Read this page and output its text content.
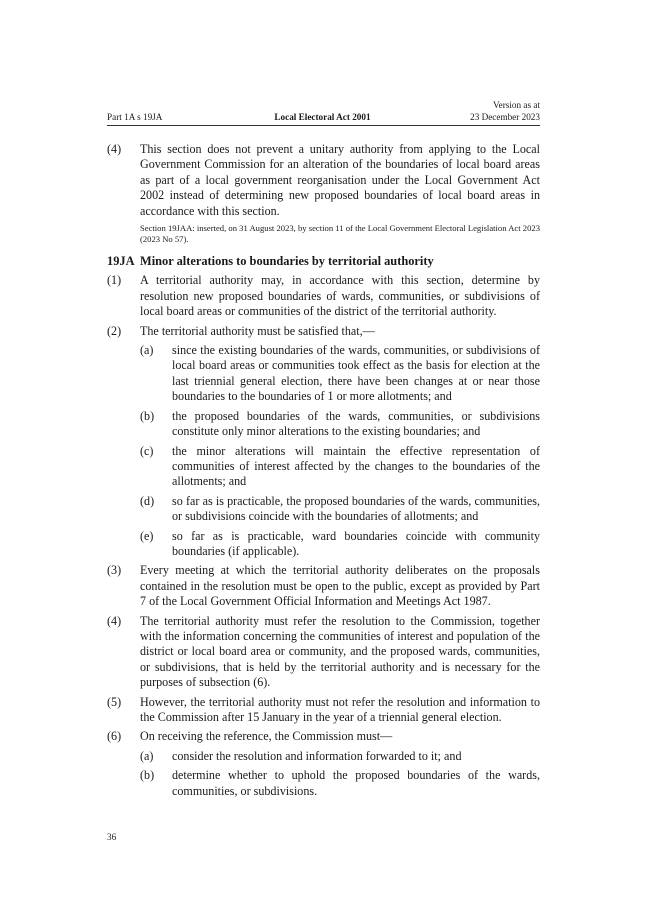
Version as at
Part 1A s 19JA	Local Electoral Act 2001	23 December 2023
(4) This section does not prevent a unitary authority from applying to the Local Government Commission for an alteration of the boundaries of local board areas as part of a local government reorganisation under the Local Government Act 2002 instead of determining new proposed boundaries of local board areas in accordance with this section.
Section 19JAA: inserted, on 31 August 2023, by section 11 of the Local Government Electoral Legislation Act 2023 (2023 No 57).
19JA Minor alterations to boundaries by territorial authority
(1) A territorial authority may, in accordance with this section, determine by resolution new proposed boundaries of wards, communities, or subdivisions of local board areas or communities of the district of the territorial authority.
(2) The territorial authority must be satisfied that,—
(a) since the existing boundaries of the wards, communities, or subdivisions of local board areas or communities took effect as the basis for election at the last triennial general election, there have been changes at or near those boundaries to the boundaries of 1 or more allotments; and
(b) the proposed boundaries of the wards, communities, or subdivisions constitute only minor alterations to the existing boundaries; and
(c) the minor alterations will maintain the effective representation of communities of interest affected by the changes to the boundaries of the allotments; and
(d) so far as is practicable, the proposed boundaries of the wards, communities, or subdivisions coincide with the boundaries of allotments; and
(e) so far as is practicable, ward boundaries coincide with community boundaries (if applicable).
(3) Every meeting at which the territorial authority deliberates on the proposals contained in the resolution must be open to the public, except as provided by Part 7 of the Local Government Official Information and Meetings Act 1987.
(4) The territorial authority must refer the resolution to the Commission, together with the information concerning the communities of interest and population of the district or local board area or community, and the proposed wards, communities, or subdivisions, that is held by the territorial authority and is necessary for the purposes of subsection (6).
(5) However, the territorial authority must not refer the resolution and information to the Commission after 15 January in the year of a triennial general election.
(6) On receiving the reference, the Commission must—
(a) consider the resolution and information forwarded to it; and
(b) determine whether to uphold the proposed boundaries of the wards, communities, or subdivisions.
36
